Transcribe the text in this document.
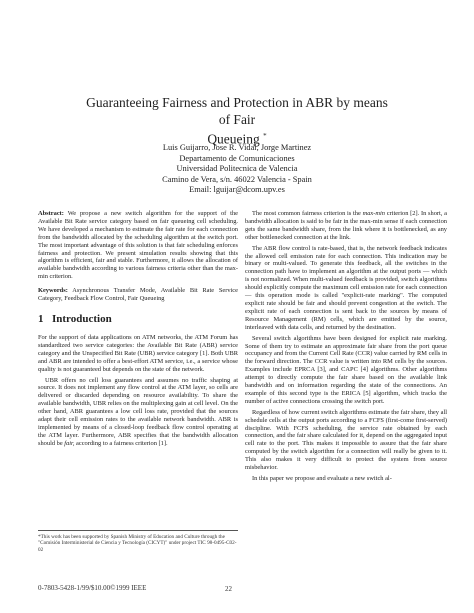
Guaranteeing Fairness and Protection in ABR by means of Fair
Queueing *
Luis Guijarro, Jose R. Vidal, Jorge Martinez
Departamento de Comunicaciones
Universidad Politecnica de Valencia
Camino de Vera, s/n. 46022 Valencia - Spain
Email: lguijar@dcom.upv.es

Abstract: We propose a new switch algorithm for the support of the Available Bit Rate service category based on fair queueing cell scheduling. We have developed a mechanism to estimate the fair rate for each connection from the bandwidth allocated by the scheduling algorithm at the switch port. The most important advantage of this solution is that fair scheduling enforces fairness and protection. We present simulation results showing that this algorithm is efficient, fair and stable. Furthermore, it allows the allocation of available bandwidth according to various fairness criteria other than the max-min criterion.

Keywords: Asynchronous Transfer Mode, Available Bit Rate Service Category, Feedback Flow Control, Fair Queueing

1 Introduction

For the support of data applications on ATM networks, the ATM Forum has standardized two service categories: the Available Bit Rate (ABR) service category and the Unspecified Bit Rate (UBR) service category [1]. Both UBR and ABR are intended to offer a best-effort ATM service, i.e., a service whose quality is not guaranteed but depends on the state of the network.

UBR offers no cell loss guarantees and assumes no traffic shaping at source. It does not implement any flow control at the ATM layer, so cells are delivered or discarded depending on resource availability. To share the available bandwidth, UBR relies on the multiplexing gain at cell level. On the other hand, ABR guarantees a low cell loss rate, provided that the sources adapt their cell emission rates to the available network bandwidth. ABR is implemented by means of a closed-loop feedback flow control operating at the ATM layer. Furthermore, ABR specifies that the bandwidth allocation should be fair, according to a fairness criterion [1].

The most common fairness criterion is the max-min criterion [2]. In short, a bandwidth allocation is said to be fair in the max-min sense if each connection gets the same bandwidth share, from the link where it is bottlenecked, as any other bottlenecked connection at the link.

The ABR flow control is rate-based, that is, the network feedback indicates the allowed cell emission rate for each connection. This indication may be binary or multi-valued. To generate this feedback, all the switches in the connection path have to implement an algorithm at the output ports — which is not normalized. When multi-valued feedback is provided, switch algorithms should explicitly compute the maximum cell emission rate for each connection — this operation mode is called "explicit-rate marking". The computed explicit rate should be fair and should prevent congestion at the switch. The explicit rate of each connection is sent back to the sources by means of Resource Management (RM) cells, which are emitted by the source, interleaved with data cells, and returned by the destination.

Several switch algorithms have been designed for explicit rate marking. Some of them try to estimate an approximate fair share from the port queue occupancy and from the Current Cell Rate (CCR) value carried by RM cells in the forward direction. The CCR value is written into RM cells by the sources. Examples include EPRCA [3], and CAPC [4] algorithms. Other algorithms attempt to directly compute the fair share based on the available link bandwidth and on information regarding the state of the connections. An example of this second type is the ERICA [5] algorithm, which tracks the number of active connections crossing the switch port.

Regardless of how current switch algorithms estimate the fair share, they all schedule cells at the output ports according to a FCFS (first-come first-served) discipline. With FCFS scheduling, the service rate obtained by each connection, and the fair share calculated for it, depend on the aggregated input cell rate to the port. This makes it impossible to assure that the fair share computed by the switch algorithm for a connection will really be given to it. This also makes it very difficult to protect the system from source misbehavior.

In this paper we propose and evaluate a new switch al-

*This work has been supported by Spanish Ministry of Education and Culture through the "Comisión Interministerial de Ciencia y Tecnología (CICYT)" under project TIC 98-0495-C02-02
0-7803-5428-1/99/$10.00©1999 IEEE	22
